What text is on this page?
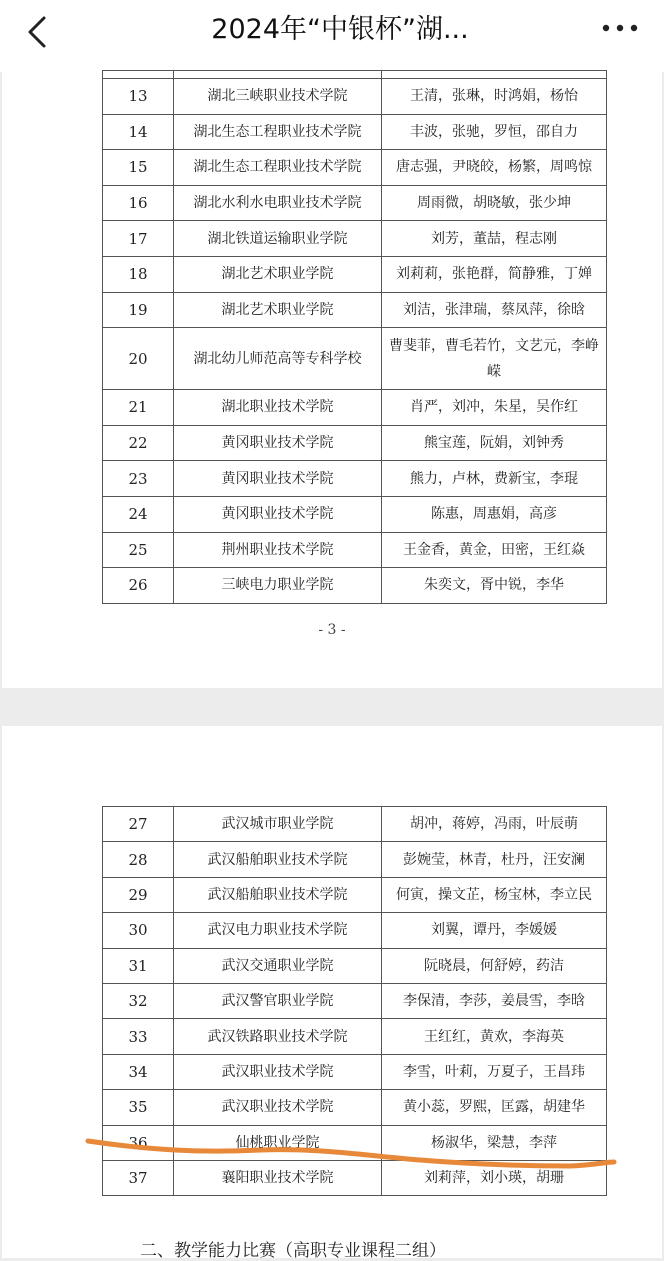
2024年“中银杯”湖...

13	湖北三峡职业技术学院	王清，张琳，时鸿娟，杨怡
14	湖北生态工程职业技术学院	丰波，张驰，罗恒，邵自力
15	湖北生态工程职业技术学院	唐志强，尹晓皎，杨繁，周鸣惊
16	湖北水利水电职业技术学院	周雨微，胡晓敏，张少坤
17	湖北铁道运输职业学院	刘芳，董喆，程志刚
18	湖北艺术职业学院	刘莉莉，张艳群，简静雅，丁婵
19	湖北艺术职业学院	刘洁，张津瑞，蔡凤萍，徐晗
20	湖北幼儿师范高等专科学校	曹斐菲，曹毛若竹，文艺元，李峥嵘
21	湖北职业技术学院	肖严，刘冲，朱星，吴作红
22	黄冈职业技术学院	熊宝莲，阮娟，刘钟秀
23	黄冈职业技术学院	熊力，卢林，费新宝，李琨
24	黄冈职业技术学院	陈惠，周惠娟，高彦
25	荆州职业技术学院	王金香，黄金，田密，王红焱
26	三峡电力职业学院	朱奕文，胥中锐，李华
- 3 -
27	武汉城市职业学院	胡冲，蒋婷，冯雨，叶辰萌
28	武汉船舶职业技术学院	彭婉莹，林青，杜丹，汪安澜
29	武汉船舶职业技术学院	何寅，操文芷，杨宝林，李立民
30	武汉电力职业技术学院	刘翼，谭丹，李媛媛
31	武汉交通职业学院	阮晓晨，何舒婷，药洁
32	武汉警官职业学院	李保清，李莎，姜晨雪，李晗
33	武汉铁路职业技术学院	王红红，黄欢，李海英
34	武汉职业技术学院	李雪，叶莉，万夏子，王昌玮
35	武汉职业技术学院	黄小蕊，罗熙，匡露，胡建华
36	仙桃职业学院	杨淑华，梁慧，李萍
37	襄阳职业技术学院	刘莉萍，刘小瑛，胡珊
二、教学能力比赛（高职专业课程二组）
